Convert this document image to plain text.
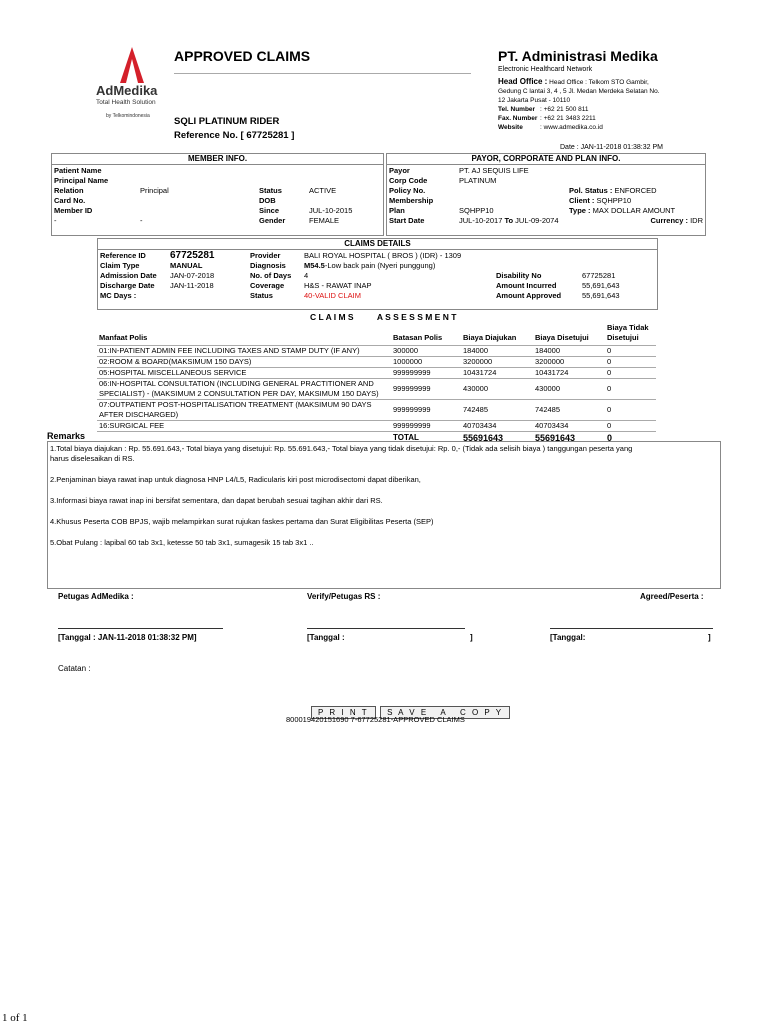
AdMedika
Total Health Solution
by Telkomindonesia
APPROVED CLAIMS
SQLI PLATINUM RIDER
Reference No. [ 67725281 ]
PT. Administrasi Medika
Electronic Healthcard Network
Head Office : Head Office : Telkom STO Gambir,
Gedung C lantai 3, 4 , 5 Jl. Medan Merdeka Selatan No.
12 Jakarta Pusat - 10110
Tel. Number : +62 21 500 811
Fax. Number : +62 21 3483 2211
Website	: www.admedika.co.id
Date : JAN-11-2018 01:38:32 PM
MEMBER INFO.
Patient Name			
Principal Name			
Relation	Principal	Status	ACTIVE
Card No.		DOB	
Member ID		Since	JUL-10-2015
-	-	Gender	FEMALE
PAYOR, CORPORATE AND PLAN INFO.
Payor	PT. AJ SEQUIS LIFE	
Corp Code	PLATINUM	
Policy No.		Pol. Status : ENFORCED
Membership		Client : SQHPP10
Plan	SQHPP10	Type : MAX DOLLAR AMOUNT
Start Date	JUL-10-2017 To JUL-09-2074 Currency : IDR	
CLAIMS DETAILS
Reference ID	67725281	Provider	BALI ROYAL HOSPITAL ( BROS ) (IDR) - 1309		
Claim Type	MANUAL	Diagnosis	M54.5-Low back pain (Nyeri punggung)		
Admission Date	JAN-07-2018	No. of Days	4	Disability No	67725281
Discharge Date	JAN-11-2018	Coverage	H&S - RAWAT INAP	Amount Incurred	55,691,643
MC Days :		Status	40-VALID CLAIM	Amount Approved	55,691,643
C L A I M S          A S S E S S M E N T
Manfaat Polis	Batasan Polis	Biaya Diajukan	Biaya Disetujui	Biaya Tidak
Disetujui
01:IN-PATIENT ADMIN FEE INCLUDING TAXES AND STAMP DUTY (IF ANY)	300000	184000	184000	0
02:ROOM & BOARD(MAKSIMUM 150 DAYS)	1000000	3200000	3200000	0
05:HOSPITAL MISCELLANEOUS SERVICE	999999999	10431724	10431724	0
06:IN-HOSPITAL CONSULTATION (INCLUDING GENERAL PRACTITIONER AND
SPECIALIST) - (MAKSIMUM 2 CONSULTATION PER DAY, MAKSIMUM 150 DAYS)	999999999	430000	430000	0
07:OUTPATIENT POST-HOSPITALISATION TREATMENT (MAKSIMUM 90 DAYS
AFTER DISCHARGED)	999999999	742485	742485	0
16:SURGICAL FEE	999999999	40703434	40703434	0
	TOTAL	55691643	55691643	0
Remarks
1.Total biaya diajukan : Rp. 55.691.643,- Total biaya yang disetujui: Rp. 55.691.643,- Total biaya yang tidak disetujui: Rp. 0,- (Tidak ada selisih biaya ) tanggungan peserta yang
harus diselesaikan di RS.
2.Penjaminan biaya rawat inap untuk diagnosa HNP L4/L5, Radicularis kiri post microdisectomi dapat diberikan,
3.Informasi biaya rawat inap ini bersifat sementara, dan dapat berubah sesuai tagihan akhir dari RS.
4.Khusus Peserta COB BPJS, wajib melampirkan surat rujukan faskes pertama dan Surat Eligibilitas Peserta (SEP)
5.Obat Pulang : lapibal 60 tab 3x1, ketesse 50 tab 3x1, sumagesik 15 tab 3x1 ..
Petugas AdMedika :	Verify/Petugas RS :	Agreed/Peserta :
[Tanggal : JAN-11-2018 01:38:32 PM]	[Tanggal :	]	[Tanggal:	]
Catatan :
P R I N T S A V E   A   C O P Y
800019420151690 7-67725281-APPROVED CLAIMS
1 of 1
